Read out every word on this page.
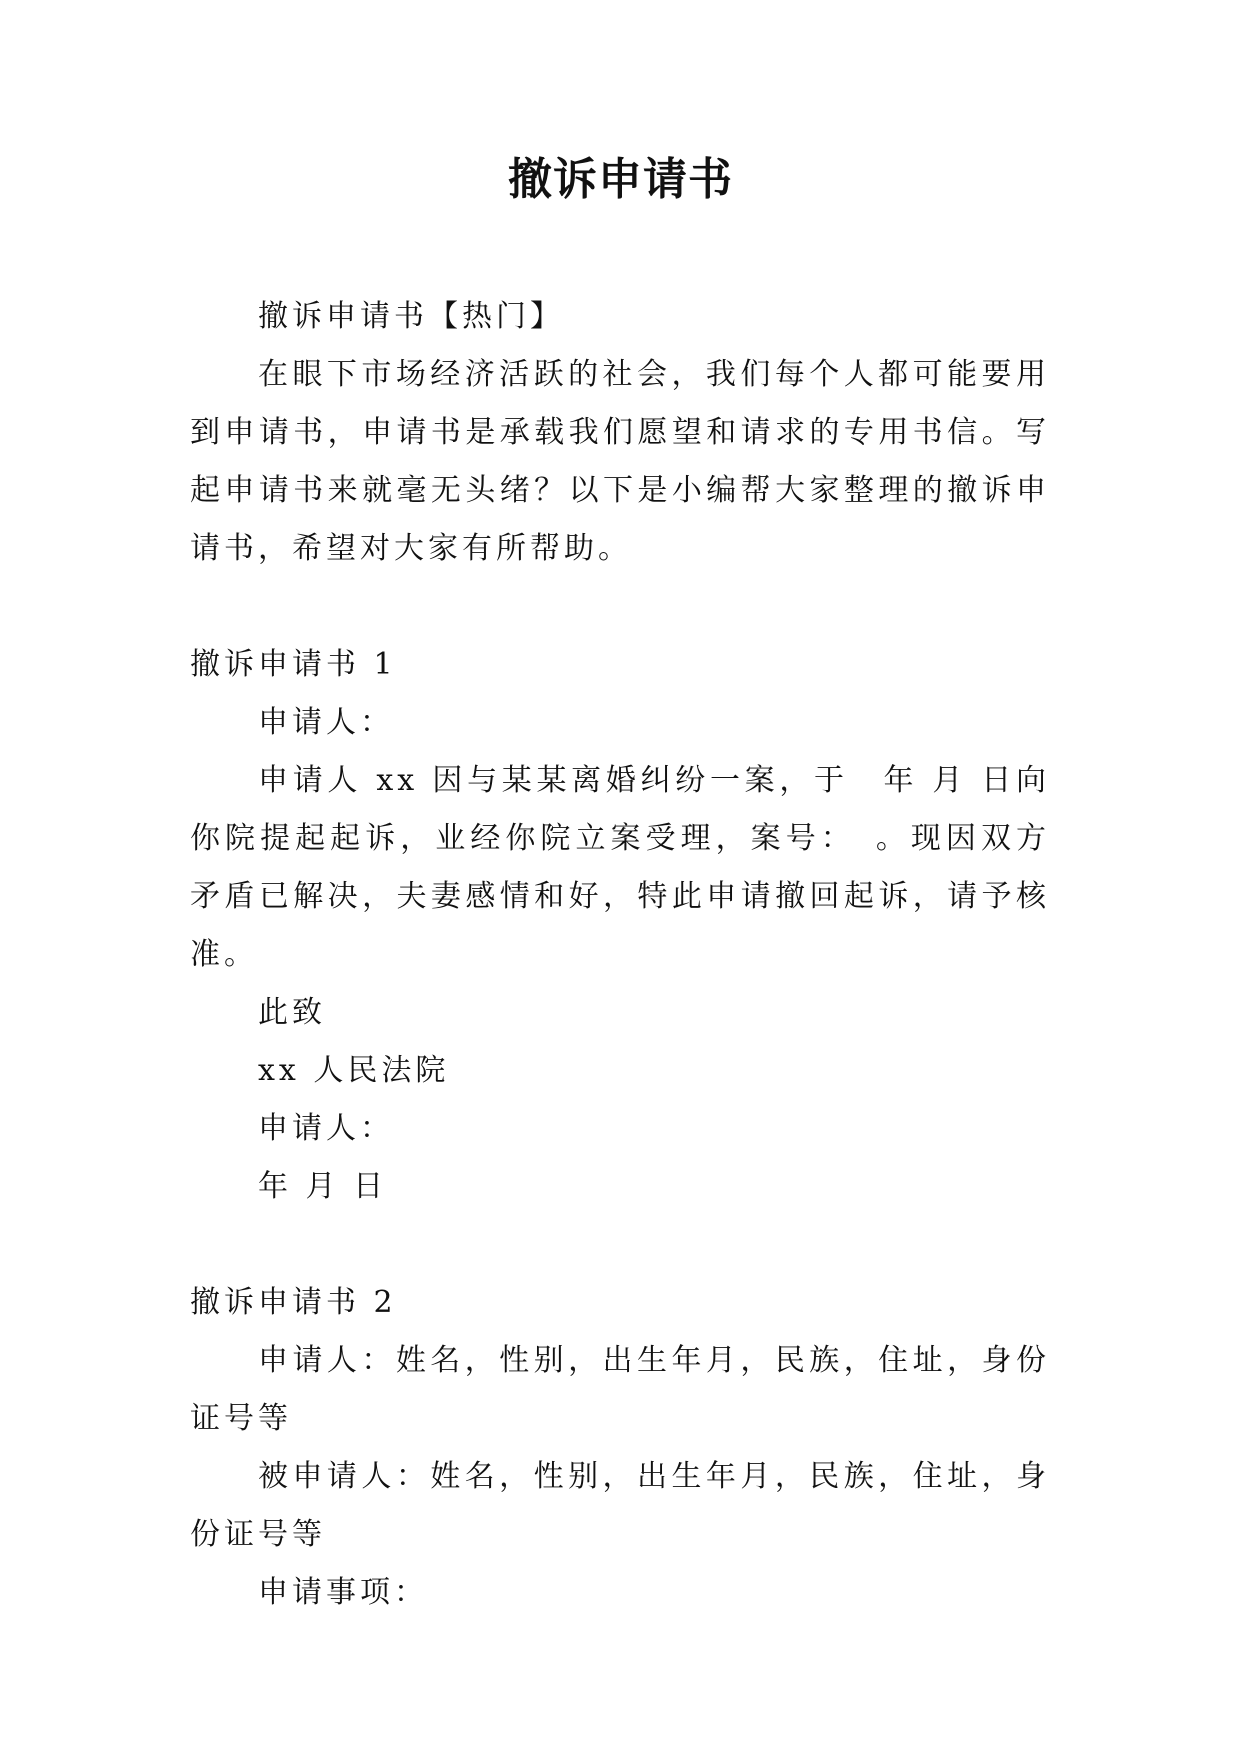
撤诉申请书

撤诉申请书【热门】

在眼下市场经济活跃的社会，我们每个人都可能要用到申请书，申请书是承载我们愿望和请求的专用书信。写起申请书来就毫无头绪？以下是小编帮大家整理的撤诉申请书，希望对大家有所帮助。

撤诉申请书 1

申请人：

申请人 xx 因与某某离婚纠纷一案，于　年 月 日向你院提起起诉，业经你院立案受理，案号：　。现因双方矛盾已解决，夫妻感情和好，特此申请撤回起诉，请予核准。

此致

xx 人民法院

申请人：

年 月 日

撤诉申请书 2

申请人：姓名，性别，出生年月，民族，住址，身份证号等

被申请人：姓名，性别，出生年月，民族，住址，身份证号等

申请事项：
